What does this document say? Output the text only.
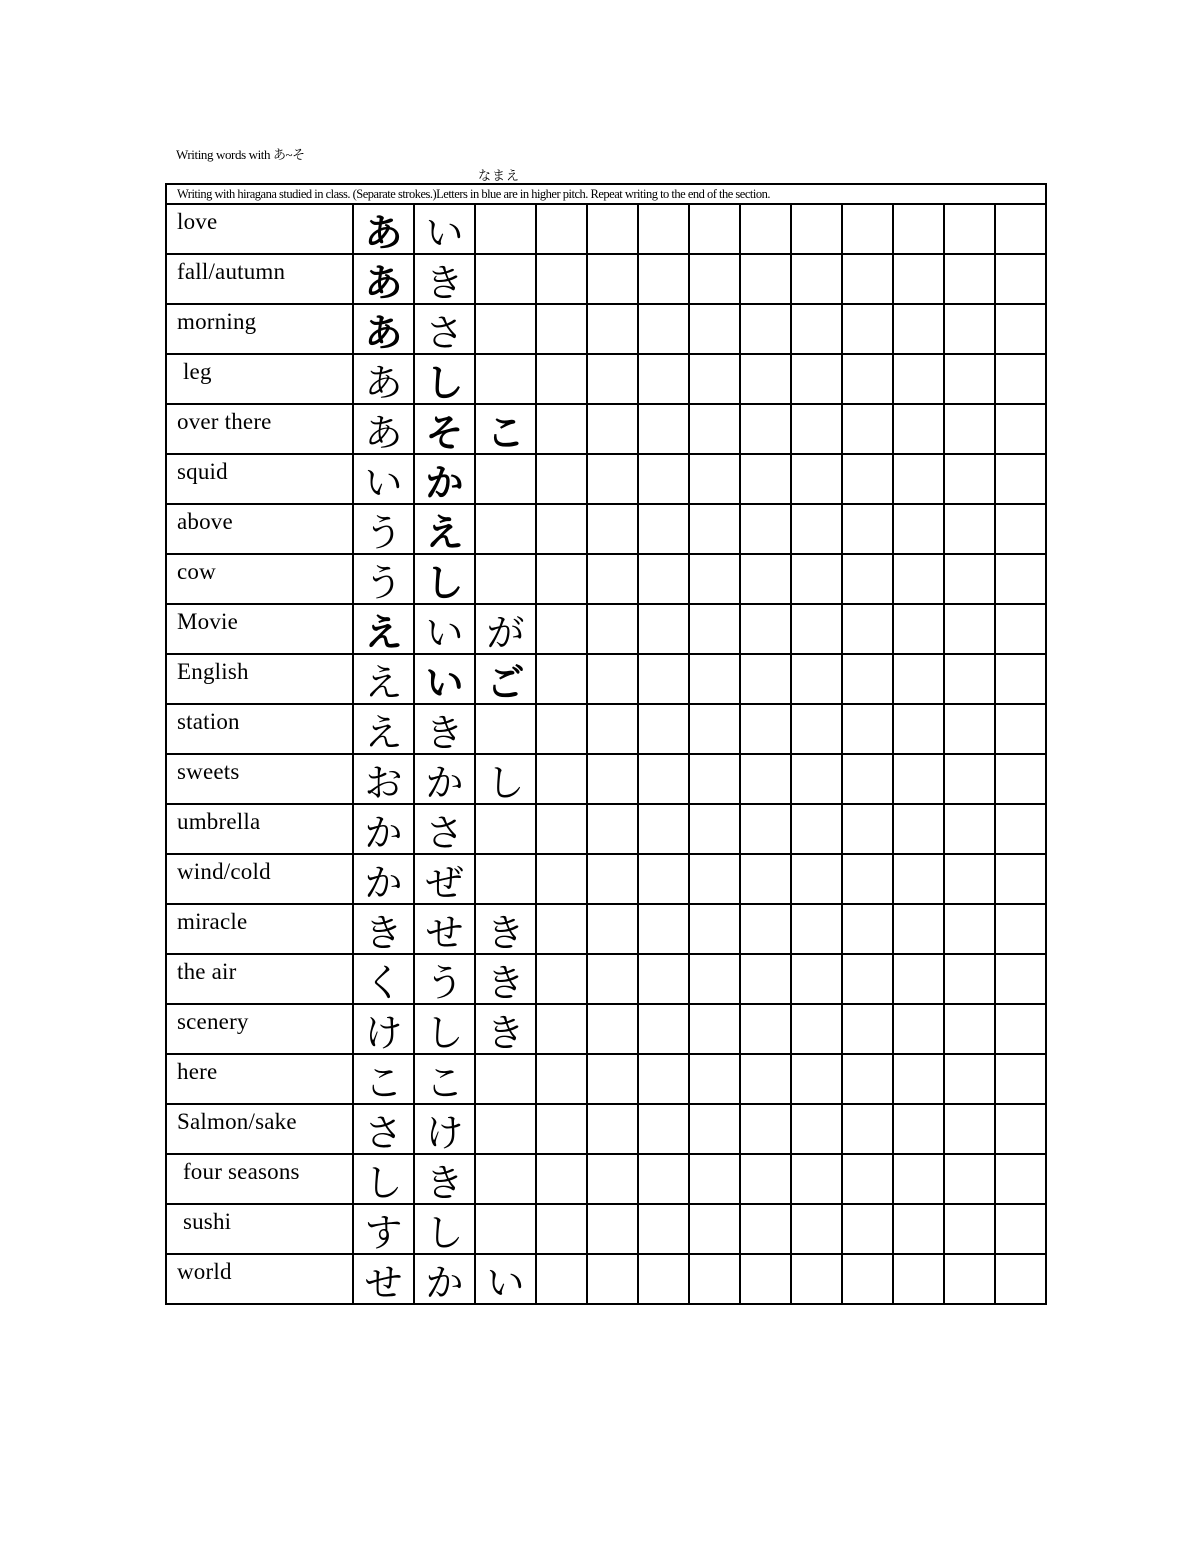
Writing words with あ~そ
なまえ
Writing with hiragana studied in class. (Separate strokes.)Letters in blue are in higher pitch. Repeat writing to the end of the section.
love	あ	い											
fall/autumn	あ	き											
morning	あ	さ											
leg	あ	し											
over there	あ	そ	こ										
squid	い	か											
above	う	え											
cow	う	し											
Movie	え	い	が										
English	え	い	ご										
station	え	き											
sweets	お	か	し										
umbrella	か	さ											
wind/cold	か	ぜ											
miracle	き	せ	き										
the air	く	う	き										
scenery	け	し	き										
here	こ	こ											
Salmon/sake	さ	け											
four seasons	し	き											
sushi	す	し											
world	せ	か	い										
